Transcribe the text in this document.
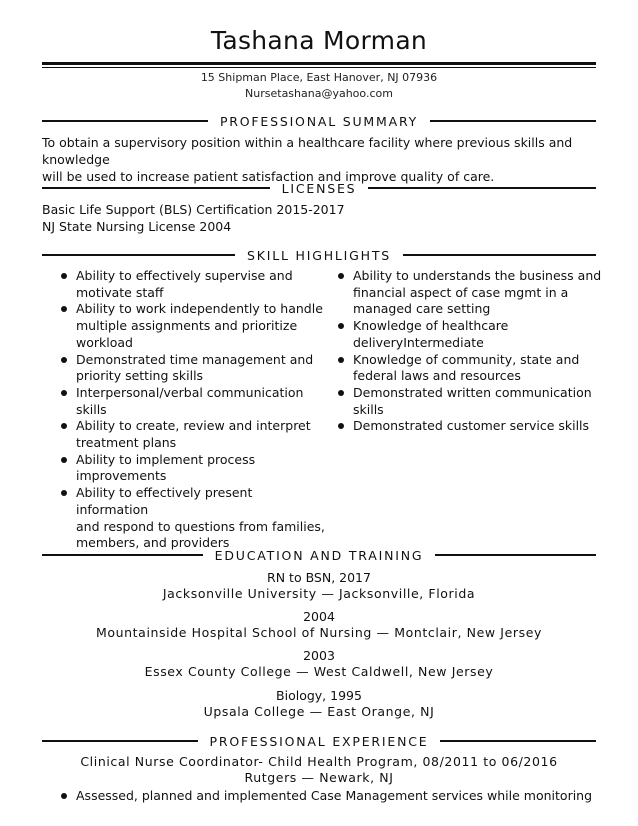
Tashana Morman
15 Shipman Place, East Hanover, NJ 07936
Nursetashana@yahoo.com
PROFESSIONAL SUMMARY
To obtain a supervisory position within a healthcare facility where previous skills and knowledge
will be used to increase patient satisfaction and improve quality of care.
LICENSES
Basic Life Support (BLS) Certification 2015-2017
NJ State Nursing License 2004
SKILL HIGHLIGHTS
Ability to effectively supervise and
motivate staff
Ability to work independently to handle
multiple assignments and prioritize
workload
Demonstrated time management and
priority setting skills
Interpersonal/verbal communication skills
Ability to create, review and interpret
treatment plans
Ability to implement process
improvements
Ability to effectively present information
and respond to questions from families,
members, and providers
Ability to understands the business and
financial aspect of case mgmt in a
managed care setting
Knowledge of healthcare
deliveryIntermediate
Knowledge of community, state and
federal laws and resources
Demonstrated written communication
skills
Demonstrated customer service skills
EDUCATION AND TRAINING
RN to BSN, 2017
Jacksonville University — Jacksonville, Florida
2004
Mountainside Hospital School of Nursing — Montclair, New Jersey
2003
Essex County College — West Caldwell, New Jersey
Biology, 1995
Upsala College — East Orange, NJ
PROFESSIONAL EXPERIENCE
Clinical Nurse Coordinator- Child Health Program, 08/2011 to 06/2016
Rutgers — Newark, NJ
Assessed, planned and implemented Case Management services while monitoring
